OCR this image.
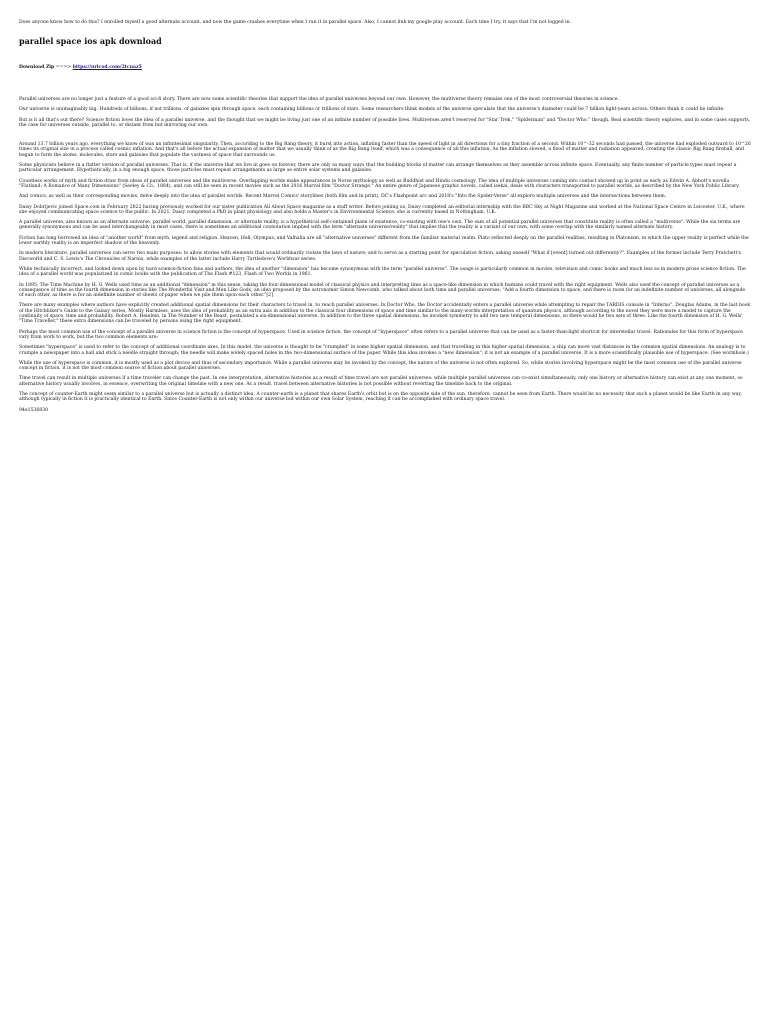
Does anyone know how to do this? I enrolled myself a good alternate account, and now the game crashes everytime when I run it in parallel space. Also, I cannot link my google play account. Each time I try, it says that I'm not logged in.

parallel space ios apk download

Download Zip ===> https://urlcod.com/2tcnaz5

Parallel universes are no longer just a feature of a good sci-fi story. There are now some scientific theories that support the idea of parallel universes beyond our own. However, the multiverse theory remains one of the most controversial theories in science.

Our universe is unimaginably big. Hundreds of billions, if not trillions, of galaxies spin through space, each containing billions or trillions of stars. Some researchers think models of the universe speculate that the universe's diameter could be 7 billion light-years across. Others think it could be infinite.

But is it all that's out there? Science fiction loves the idea of a parallel universe, and the thought that we might be living just one of an infinite number of possible lives. Multiverses aren't reserved for "Star Trek," "Spiderman" and "Doctor Who," though. Real scientific theory explores, and in some cases supports, the case for universes outside, parallel to, or distant from but mirroring our own.

Around 13.7 billion years ago, everything we know of was an infinitesimal singularity. Then, according to the Big Bang theory, it burst into action, inflating faster than the speed of light in all directions for a tiny fraction of a second. Within 10^-32 seconds had passed, the universe had exploded outward to 10^26 times its original size in a process called cosmic inflation. And that's all before the actual expansion of matter that we usually think of as the Big Bang itself, which was a consequence of all this inflation. As the inflation slowed, a flood of matter and radiation appeared, creating the classic Big Bang fireball, and begun to form the atoms, molecules, stars and galaxies that populate the vastness of space that surrounds us.

Some physicists believe in a flatter version of parallel universes. That is, if the universe that we live in goes on forever, there are only so many ways that the building blocks of matter can arrange themselves as they assemble across infinite space. Eventually, any finite number of particle types must repeat a particular arrangement. Hypothetically, in a big enough space, those particles must repeat arrangements as large as entire solar systems and galaxies.

Countless works of myth and fiction draw from ideas of parallel universes and the multiverse. Overlapping worlds make appearances in Norse mythology as well as Buddhist and Hindu cosmology. The idea of multiple universes coming into contact showed up in print as early as Edwin A. Abbott's novella "Flatland: A Romance of Many Dimensions" (Seeley & Co., 1884), and can still be seen in recent movies such as the 2016 Marvel film "Doctor Strange." An entire genre of Japanese graphic novels, called isekai, deals with characters transported to parallel worlds, as described by the New York Public Library.

And comics, as well as their corresponding movies, delve deeply into the idea of parallel worlds. Recent Marvel Comics' storylines (both film and in print), DC's Flashpoint arc and 2018's "Into the Spider-Verse" all explore multiple universes and the intersections between them.

Daisy Dobrijevic joined Space.com in February 2022 having previously worked for our sister publication All About Space magazine as a staff writer. Before joining us, Daisy completed an editorial internship with the BBC Sky at Night Magazine and worked at the National Space Centre in Leicester, U.K., where she enjoyed communicating space science to the public. In 2021, Daisy completed a PhD in plant physiology and also holds a Master's in Environmental Science, she is currently based in Nottingham, U.K.

A parallel universe, also known as an alternate universe, parallel world, parallel dimension, or alternate reality, is a hypothetical self-contained plane of existence, co-existing with one's own. The sum of all potential parallel universes that constitute reality is often called a "multiverse". While the six terms are generally synonymous and can be used interchangeably in most cases, there is sometimes an additional connotation implied with the term "alternate universe/reality" that implies that the reality is a variant of our own, with some overlap with the similarly named alternate history.

Fiction has long borrowed an idea of "another world" from myth, legend and religion. Heaven, Hell, Olympus, and Valhalla are all "alternative universes" different from the familiar material realm. Plato reflected deeply on the parallel realities, resulting in Platonism, in which the upper reality is perfect while the lower earthly reality is an imperfect shadow of the heavenly.

In modern literature, parallel universes can serve two main purposes: to allow stories with elements that would ordinarily violate the laws of nature; and to serve as a starting point for speculative fiction, asking oneself "What if [event] turned out differently?". Examples of the former include Terry Pratchett's Discworld and C. S. Lewis's The Chronicles of Narnia, while examples of the latter include Harry Turtledove's Worldwar series.

While technically incorrect, and looked down upon by hard science-fiction fans and authors, the idea of another "dimension" has become synonymous with the term "parallel universe". The usage is particularly common in movies, television and comic books and much less so in modern prose science fiction. The idea of a parallel world was popularized in comic books with the publication of The Flash #123, Flash of Two Worlds in 1961.

In 1895, The Time Machine by H. G. Wells used time as an additional "dimension" in this sense, taking the four-dimensional model of classical physics and interpreting time as a space-like dimension in which humans could travel with the right equipment. Wells also used the concept of parallel universes as a consequence of time as the fourth dimension in stories like The Wonderful Visit and Men Like Gods, an idea proposed by the astronomer Simon Newcomb, who talked about both time and parallel universes; "Add a fourth dimension to space, and there is room for an indefinite number of universes, all alongside of each other, as there is for an indefinite number of sheets of paper when we pile them upon each other."[2]

There are many examples where authors have explicitly created additional spatial dimensions for their characters to travel in, to reach parallel universes. In Doctor Who, the Doctor accidentally enters a parallel universe while attempting to repair the TARDIS console in "Inferno". Douglas Adams, in the last book of the Hitchhiker's Guide to the Galaxy series, Mostly Harmless, uses the idea of probability as an extra axis in addition to the classical four dimensions of space and time similar to the many-worlds interpretation of quantum physics, although according to the novel they were more a model to capture the continuity of space, time and probability. Robert A. Heinlein, in The Number of the Beast, postulated a six-dimensional universe. In addition to the three spatial dimensions, he invoked symmetry to add two new temporal dimensions, so there would be two sets of three. Like the fourth dimension of H. G. Wells' "Time Traveller," these extra dimensions can be traveled by persons using the right equipment.

Perhaps the most common use of the concept of a parallel universe in science fiction is the concept of hyperspace. Used in science fiction, the concept of "hyperspace" often refers to a parallel universe that can be used as a faster-than-light shortcut for interstellar travel. Rationales for this form of hyperspace vary from work to work, but the two common elements are:

Sometimes "hyperspace" is used to refer to the concept of additional coordinate axes. In this model, the universe is thought to be "crumpled" in some higher spatial dimension, and that travelling in this higher spatial dimension, a ship can move vast distances in the common spatial dimensions. An analogy is to crumple a newspaper into a ball and stick a needle straight through; the needle will make widely spaced holes in the two-dimensional surface of the paper. While this idea invokes a "new dimension", it is not an example of a parallel universe. It is a more scientifically plausible use of hyperspace. (See wormhole.)

While the use of hyperspace is common, it is mostly used as a plot device and thus of secondary importance. While a parallel universe may be invoked by the concept, the nature of the universe is not often explored. So, while stories involving hyperspace might be the most common use of the parallel universe concept in fiction, it is not the most common source of fiction about parallel universes.

Time travel can result in multiple universes if a time traveler can change the past. In one interpretation, alternative histories as a result of time travel are not parallel universes: while multiple parallel universes can co-exist simultaneously, only one history or alternative history can exist at any one moment, so alternative history usually involves, in essence, overwriting the original timeline with a new one. As a result, travel between alternative histories is not possible without reverting the timeline back to the original.

The concept of counter-Earth might seem similar to a parallel universe but is actually a distinct idea. A counter-earth is a planet that shares Earth's orbit but is on the opposite side of the sun, therefore, cannot be seen from Earth. There would be no necessity that such a planet would be like Earth in any way, although typically in fiction it is practically identical to Earth. Since Counter-Earth is not only within our universe but within our own Solar System, reaching it can be accomplished with ordinary space travel.

94e1536830
